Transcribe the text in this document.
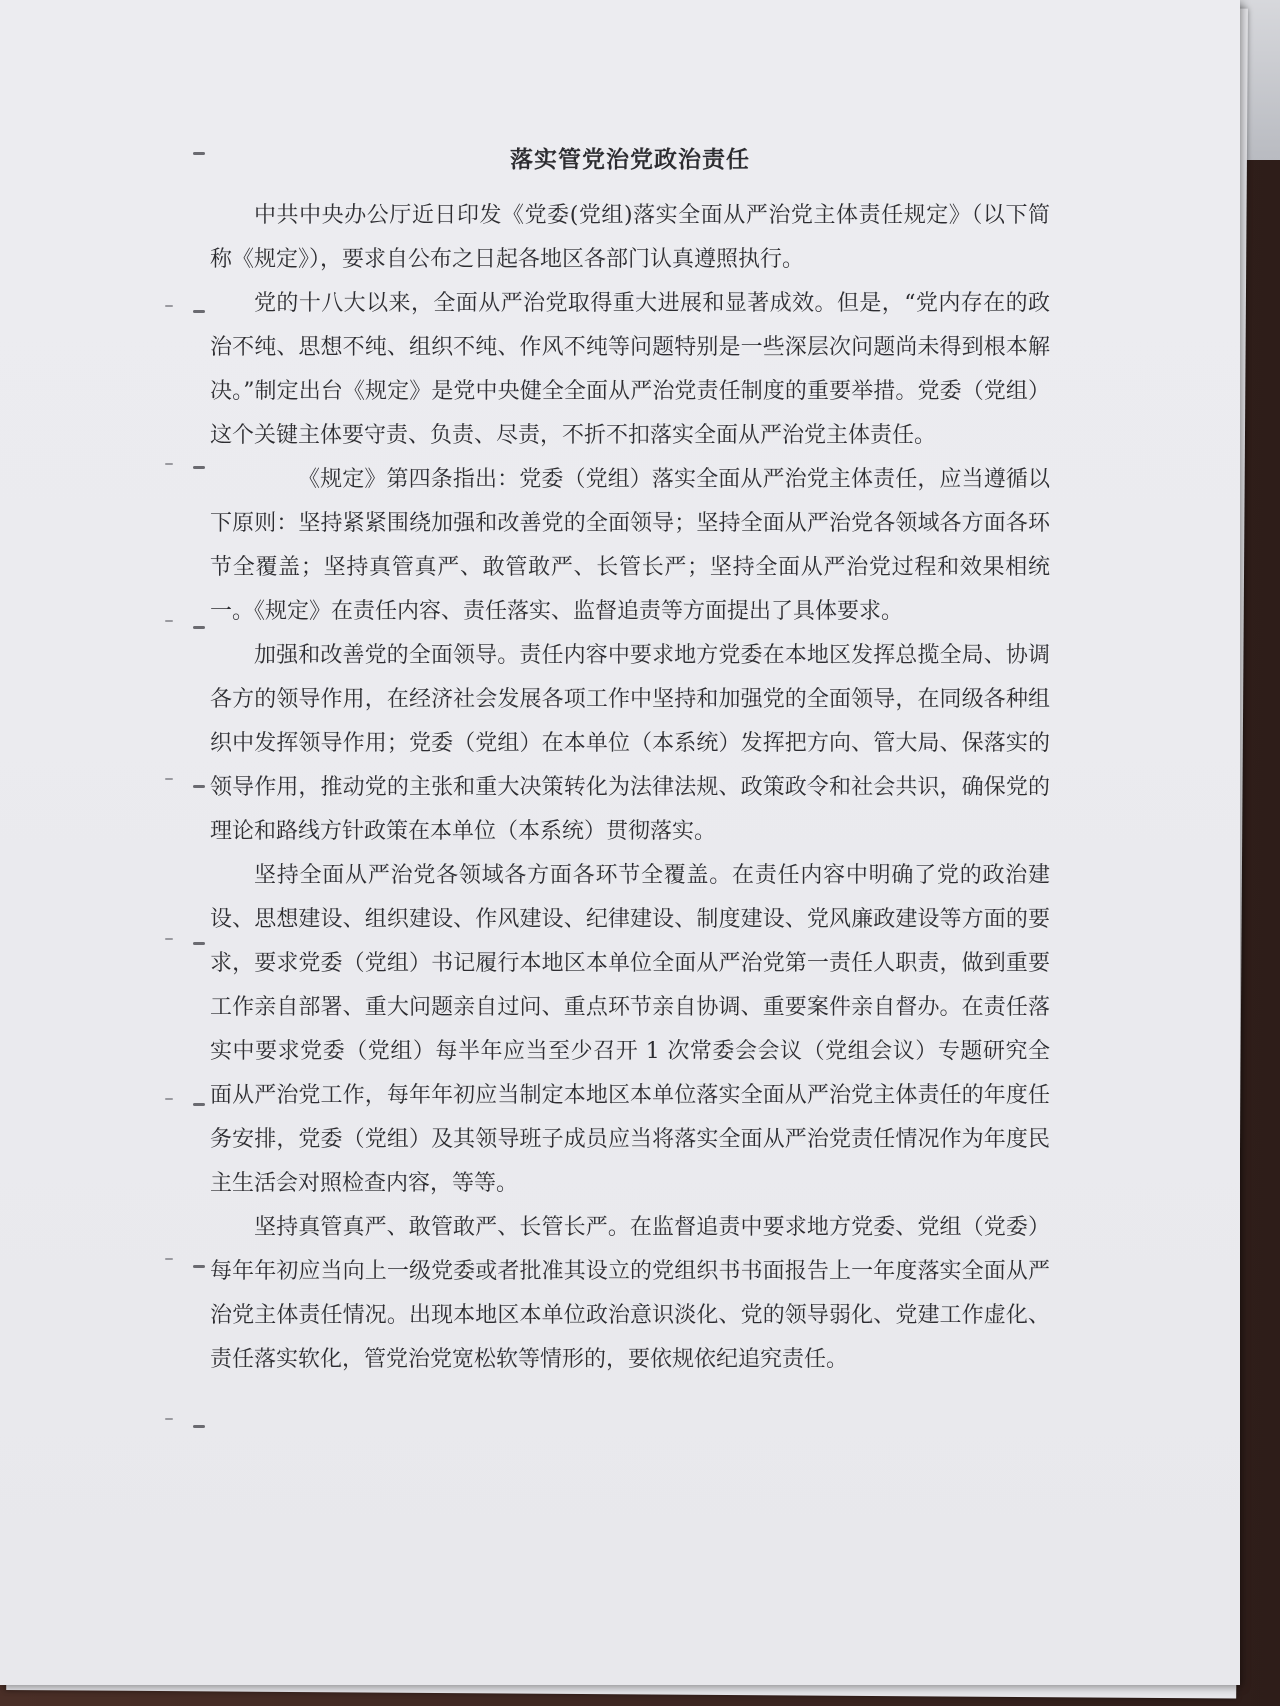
落实管党治党政治责任

中共中央办公厅近日印发《党委(党组)落实全面从严治党主体责任规定》（以下简称《规定》），要求自公布之日起各地区各部门认真遵照执行。

党的十八大以来，全面从严治党取得重大进展和显著成效。但是，“党内存在的政治不纯、思想不纯、组织不纯、作风不纯等问题特别是一些深层次问题尚未得到根本解决。”制定出台《规定》是党中央健全全面从严治党责任制度的重要举措。党委（党组）这个关键主体要守责、负责、尽责，不折不扣落实全面从严治党主体责任。

《规定》第四条指出：党委（党组）落实全面从严治党主体责任，应当遵循以下原则：坚持紧紧围绕加强和改善党的全面领导；坚持全面从严治党各领域各方面各环节全覆盖；坚持真管真严、敢管敢严、长管长严；坚持全面从严治党过程和效果相统一。《规定》在责任内容、责任落实、监督追责等方面提出了具体要求。

加强和改善党的全面领导。责任内容中要求地方党委在本地区发挥总揽全局、协调各方的领导作用，在经济社会发展各项工作中坚持和加强党的全面领导，在同级各种组织中发挥领导作用；党委（党组）在本单位（本系统）发挥把方向、管大局、保落实的领导作用，推动党的主张和重大决策转化为法律法规、政策政令和社会共识，确保党的理论和路线方针政策在本单位（本系统）贯彻落实。

坚持全面从严治党各领域各方面各环节全覆盖。在责任内容中明确了党的政治建设、思想建设、组织建设、作风建设、纪律建设、制度建设、党风廉政建设等方面的要求，要求党委（党组）书记履行本地区本单位全面从严治党第一责任人职责，做到重要工作亲自部署、重大问题亲自过问、重点环节亲自协调、重要案件亲自督办。在责任落实中要求党委（党组）每半年应当至少召开 1 次常委会会议（党组会议）专题研究全面从严治党工作，每年年初应当制定本地区本单位落实全面从严治党主体责任的年度任务安排，党委（党组）及其领导班子成员应当将落实全面从严治党责任情况作为年度民主生活会对照检查内容，等等。

坚持真管真严、敢管敢严、长管长严。在监督追责中要求地方党委、党组（党委）每年年初应当向上一级党委或者批准其设立的党组织书书面报告上一年度落实全面从严治党主体责任情况。出现本地区本单位政治意识淡化、党的领导弱化、党建工作虚化、责任落实软化，管党治党宽松软等情形的，要依规依纪追究责任。
